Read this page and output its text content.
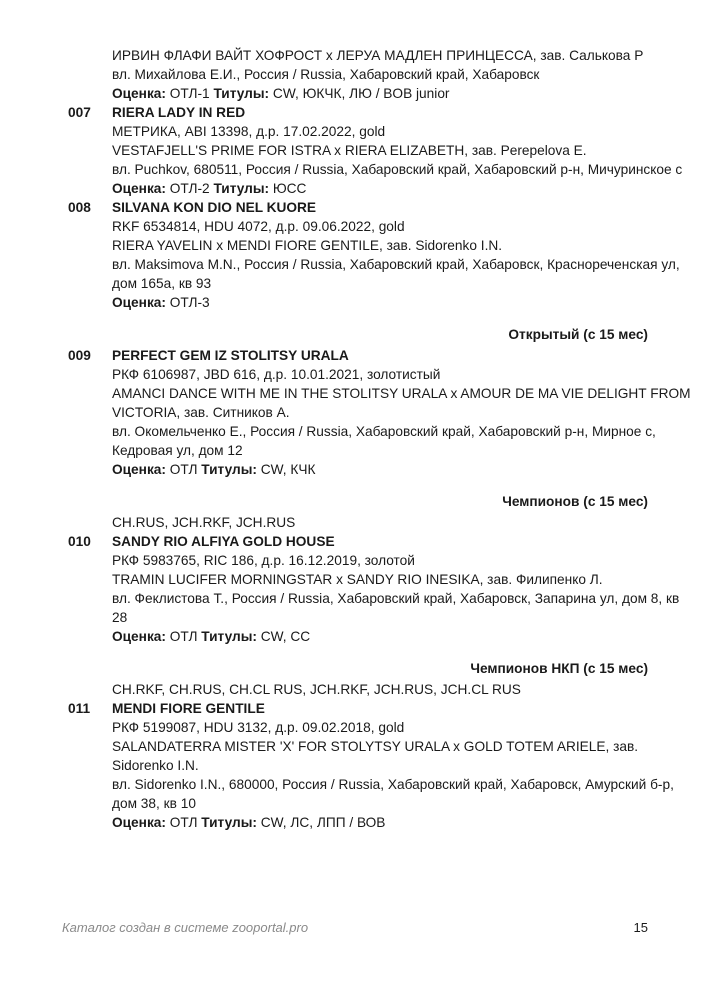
ИРВИН ФЛАФИ ВАЙТ ХОФРОСТ х ЛЕРУА МАДЛЕН ПРИНЦЕССА, зав. Салькова Р
вл. Михайлова Е.И., Россия / Russia, Хабаровский край, Хабаровск
Оценка: ОТЛ-1 Титулы: CW, ЮКЧК, ЛЮ / BOB junior
007	RIERA LADY IN RED
МЕТРИКА, ABI 13398, д.р. 17.02.2022, gold
VESTAFJELL'S PRIME FOR ISTRA x RIERA ELIZABETH, зав. Perepelova E.
вл. Puchkov, 680511, Россия / Russia, Хабаровский край, Хабаровский р-н, Мичуринское с
Оценка: ОТЛ-2 Титулы: ЮСС
008	SILVANA KON DIO NEL KUORE
RKF 6534814, HDU 4072, д.р. 09.06.2022, gold
RIERA YAVELIN x MENDI FIORE GENTILE, зав. Sidorenko I.N.
вл. Maksimova M.N., Россия / Russia, Хабаровский край, Хабаровск, Краснореченская ул,
дом 165а, кв 93
Оценка: ОТЛ-3
Открытый (с 15 мес)
009	PERFECT GEM IZ STOLITSY URALA
РКФ 6106987, JBD 616, д.р. 10.01.2021, золотистый
AMANCI DANCE WITH ME IN THE STOLITSY URALA x AMOUR DE MA VIE DELIGHT FROM
VICTORIA, зав. Ситников А.
вл. Окомельченко Е., Россия / Russia, Хабаровский край, Хабаровский р-н, Мирное с,
Кедровая ул, дом 12
Оценка: ОТЛ Титулы: CW, КЧК
Чемпионов (с 15 мес)
CH.RUS, JCH.RKF, JCH.RUS
010	SANDY RIO ALFIYA GOLD HOUSE
РКФ 5983765, RIC 186, д.р. 16.12.2019, золотой
TRAMIN LUCIFER MORNINGSTAR x SANDY RIO INESIKA, зав. Филипенко Л.
вл. Феклистова Т., Россия / Russia, Хабаровский край, Хабаровск, Запарина ул, дом 8, кв
28
Оценка: ОТЛ Титулы: CW, СС
Чемпионов НКП (с 15 мес)
CH.RKF, CH.RUS, CH.CL RUS, JCH.RKF, JCH.RUS, JCH.CL RUS
011	MENDI FIORE GENTILE
РКФ 5199087, HDU 3132, д.р. 09.02.2018, gold
SALANDATERRA MISTER 'X' FOR STOLYTSY URALA x GOLD TOTEM ARIELE, зав.
Sidorenko I.N.
вл. Sidorenko I.N., 680000, Россия / Russia, Хабаровский край, Хабаровск, Амурский б-р,
дом 38, кв 10
Оценка: ОТЛ Титулы: CW, ЛС, ЛПП / ВОВ
Каталог создан в системе zooportal.pro	15
